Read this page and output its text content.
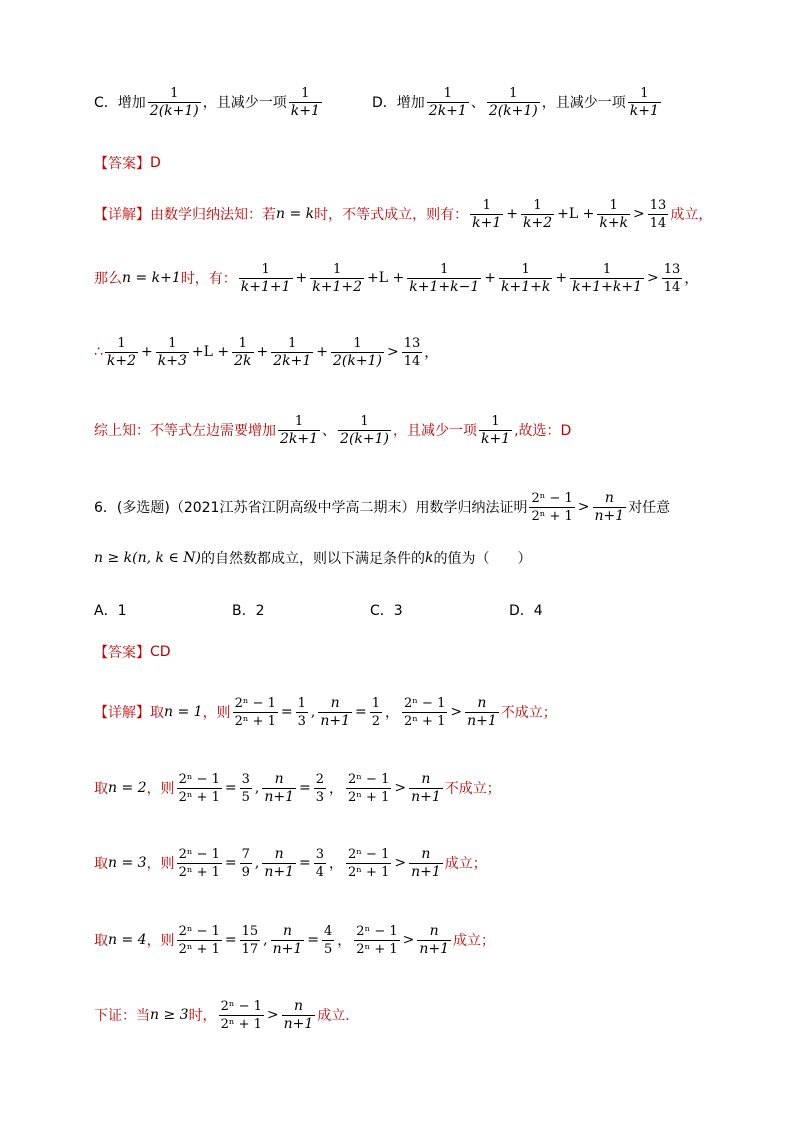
C．增加 $\frac{1}{2(k+1)}$ ，且减少一项 $\frac{1}{k+1}$	D．增加 $\frac{1}{2k+1}$ 、 $\frac{1}{2(k+1)}$ ，且减少一项 $\frac{1}{k+1}$
【答案】 D
【详解】 由数学归纳法知：若 n = k 时，不等式成立，则有： $\frac{1}{k+1} + \frac{1}{k+2} +L + \frac{1}{k+k} > \frac{13}{14}$ 成立，
那么 n = k+1 时，有： $\frac{1}{k+1+1} + \frac{1}{k+1+2} +L + \frac{1}{k+1+k-1} + \frac{1}{k+1+k} + \frac{1}{k+1+k+1} > \frac{13}{14}$ ，
∴ $\frac{1}{k+2} + \frac{1}{k+3} +L + \frac{1}{2k} + \frac{1}{2k+1} + \frac{1}{2(k+1)} > \frac{13}{14}$ ，
综上知：不等式左边需要增加 $\frac{1}{2k+1}$ 、 $\frac{1}{2(k+1)}$ ，且减少一项 $\frac{1}{k+1}$ ,故选：D
6．(多选题)（2021江苏省江阴高级中学高二期末）用数学归纳法证明 $\frac{\text{2ⁿ − 1}}{\text{2ⁿ + 1}} > \frac{n}{n+1}$ 对任意
n ≥ k(n, k ∈ N) 的自然数都成立，则以下满足条件的 k 的值为（　　）
A．1	B．2	C．3	D．4
【答案】 CD
【详解】 取 n = 1 ，则 $\frac{\text{2ⁿ − 1}}{\text{2ⁿ + 1}} = \frac{1}{3}$ , $\frac{n}{n+1} = \frac{1}{2}$ ， $\frac{\text{2ⁿ − 1}}{\text{2ⁿ + 1}} > \frac{n}{n+1}$ 不成立；
取 n = 2 ，则 $\frac{\text{2ⁿ − 1}}{\text{2ⁿ + 1}} = \frac{3}{5}$ , $\frac{n}{n+1} = \frac{2}{3}$ ， $\frac{\text{2ⁿ − 1}}{\text{2ⁿ + 1}} > \frac{n}{n+1}$ 不成立；
取 n = 3 ，则 $\frac{\text{2ⁿ − 1}}{\text{2ⁿ + 1}} = \frac{7}{9}$ , $\frac{n}{n+1} = \frac{3}{4}$ ， $\frac{\text{2ⁿ − 1}}{\text{2ⁿ + 1}} > \frac{n}{n+1}$ 成立；
取 n = 4 ，则 $\frac{\text{2ⁿ − 1}}{\text{2ⁿ + 1}} = \frac{15}{17}$ , $\frac{n}{n+1} = \frac{4}{5}$ ， $\frac{\text{2ⁿ − 1}}{\text{2ⁿ + 1}} > \frac{n}{n+1}$ 成立；
下证：当 n ≥ 3 时， $\frac{\text{2ⁿ − 1}}{\text{2ⁿ + 1}} > \frac{n}{n+1}$ 成立.
